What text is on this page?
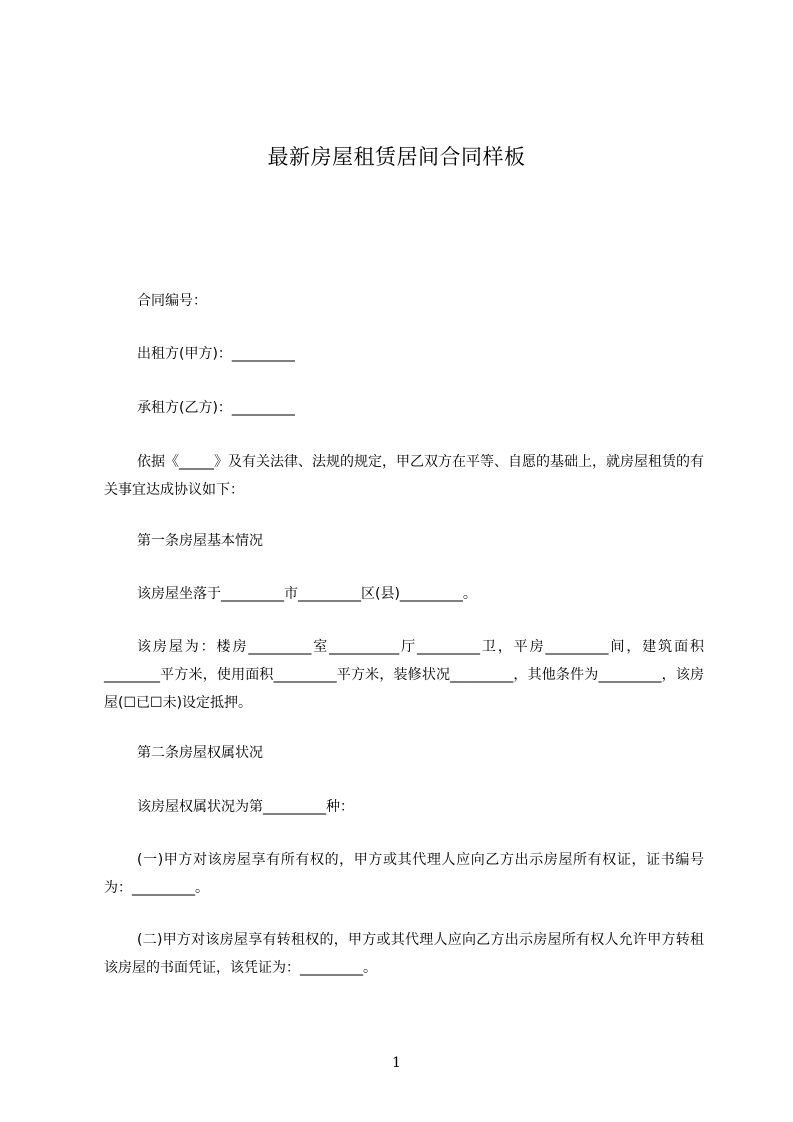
最新房屋租赁居间合同样板

合同编号：

出租方(甲方)：_________

承租方(乙方)：_________

依据《_____》及有关法律、法规的规定，甲乙双方在平等、自愿的基础上，就房屋租赁的有关事宜达成协议如下：

第一条房屋基本情况

该房屋坐落于_________市_________区(县)_________。

该房屋为：楼房_________室__________厅_________卫，平房_________间，建筑面积________平方米，使用面积_________平方米，装修状况_________，其他条件为_________，该房屋(☐已☐未)设定抵押。

第二条房屋权属状况

该房屋权属状况为第_________种：

(一)甲方对该房屋享有所有权的，甲方或其代理人应向乙方出示房屋所有权证，证书编号为：_________。

(二)甲方对该房屋享有转租权的，甲方或其代理人应向乙方出示房屋所有权人允许甲方转租该房屋的书面凭证，该凭证为：_________。

1
